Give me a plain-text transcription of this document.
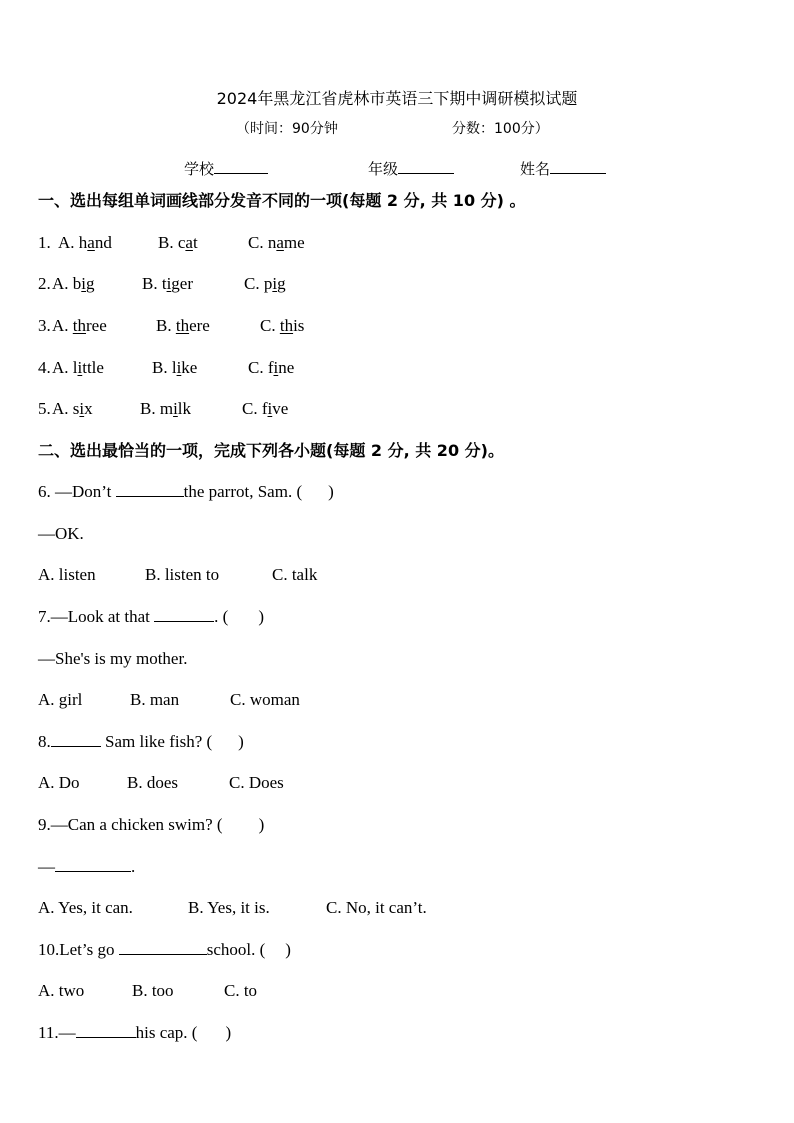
2024年黑龙江省虎林市英语三下期中调研模拟试题
（时间：90分钟	分数：100分）
学校	年级	姓名
一、选出每组单词画线部分发音不同的一项(每题 2 分, 共 10 分) 。
1. A. hand	B. cat	C. name
2. A. big	B. tiger	C. pig
3. A. three	B. there	C. this
4. A. little	B. like	C. fine
5. A. six	B. milk	C. five
二、选出最恰当的一项，完成下列各小题(每题 2 分, 共 20 分)。
6. —Don’t	the parrot, Sam. ( )
—OK.
A. listen	B. listen to	C. talk
7.—Look at that	. ( )
—She's is my mother.
A. girl	B. man	C. woman
8.	Sam like fish? ( )
A. Do	B. does	C. Does
9.—Can a chicken swim? ( )
—	.
A. Yes, it can.	B. Yes, it is.	C. No, it can’t.
10.Let’s go	school. ( )
A. two	B. too	C. to
11.—	his cap. ( )
